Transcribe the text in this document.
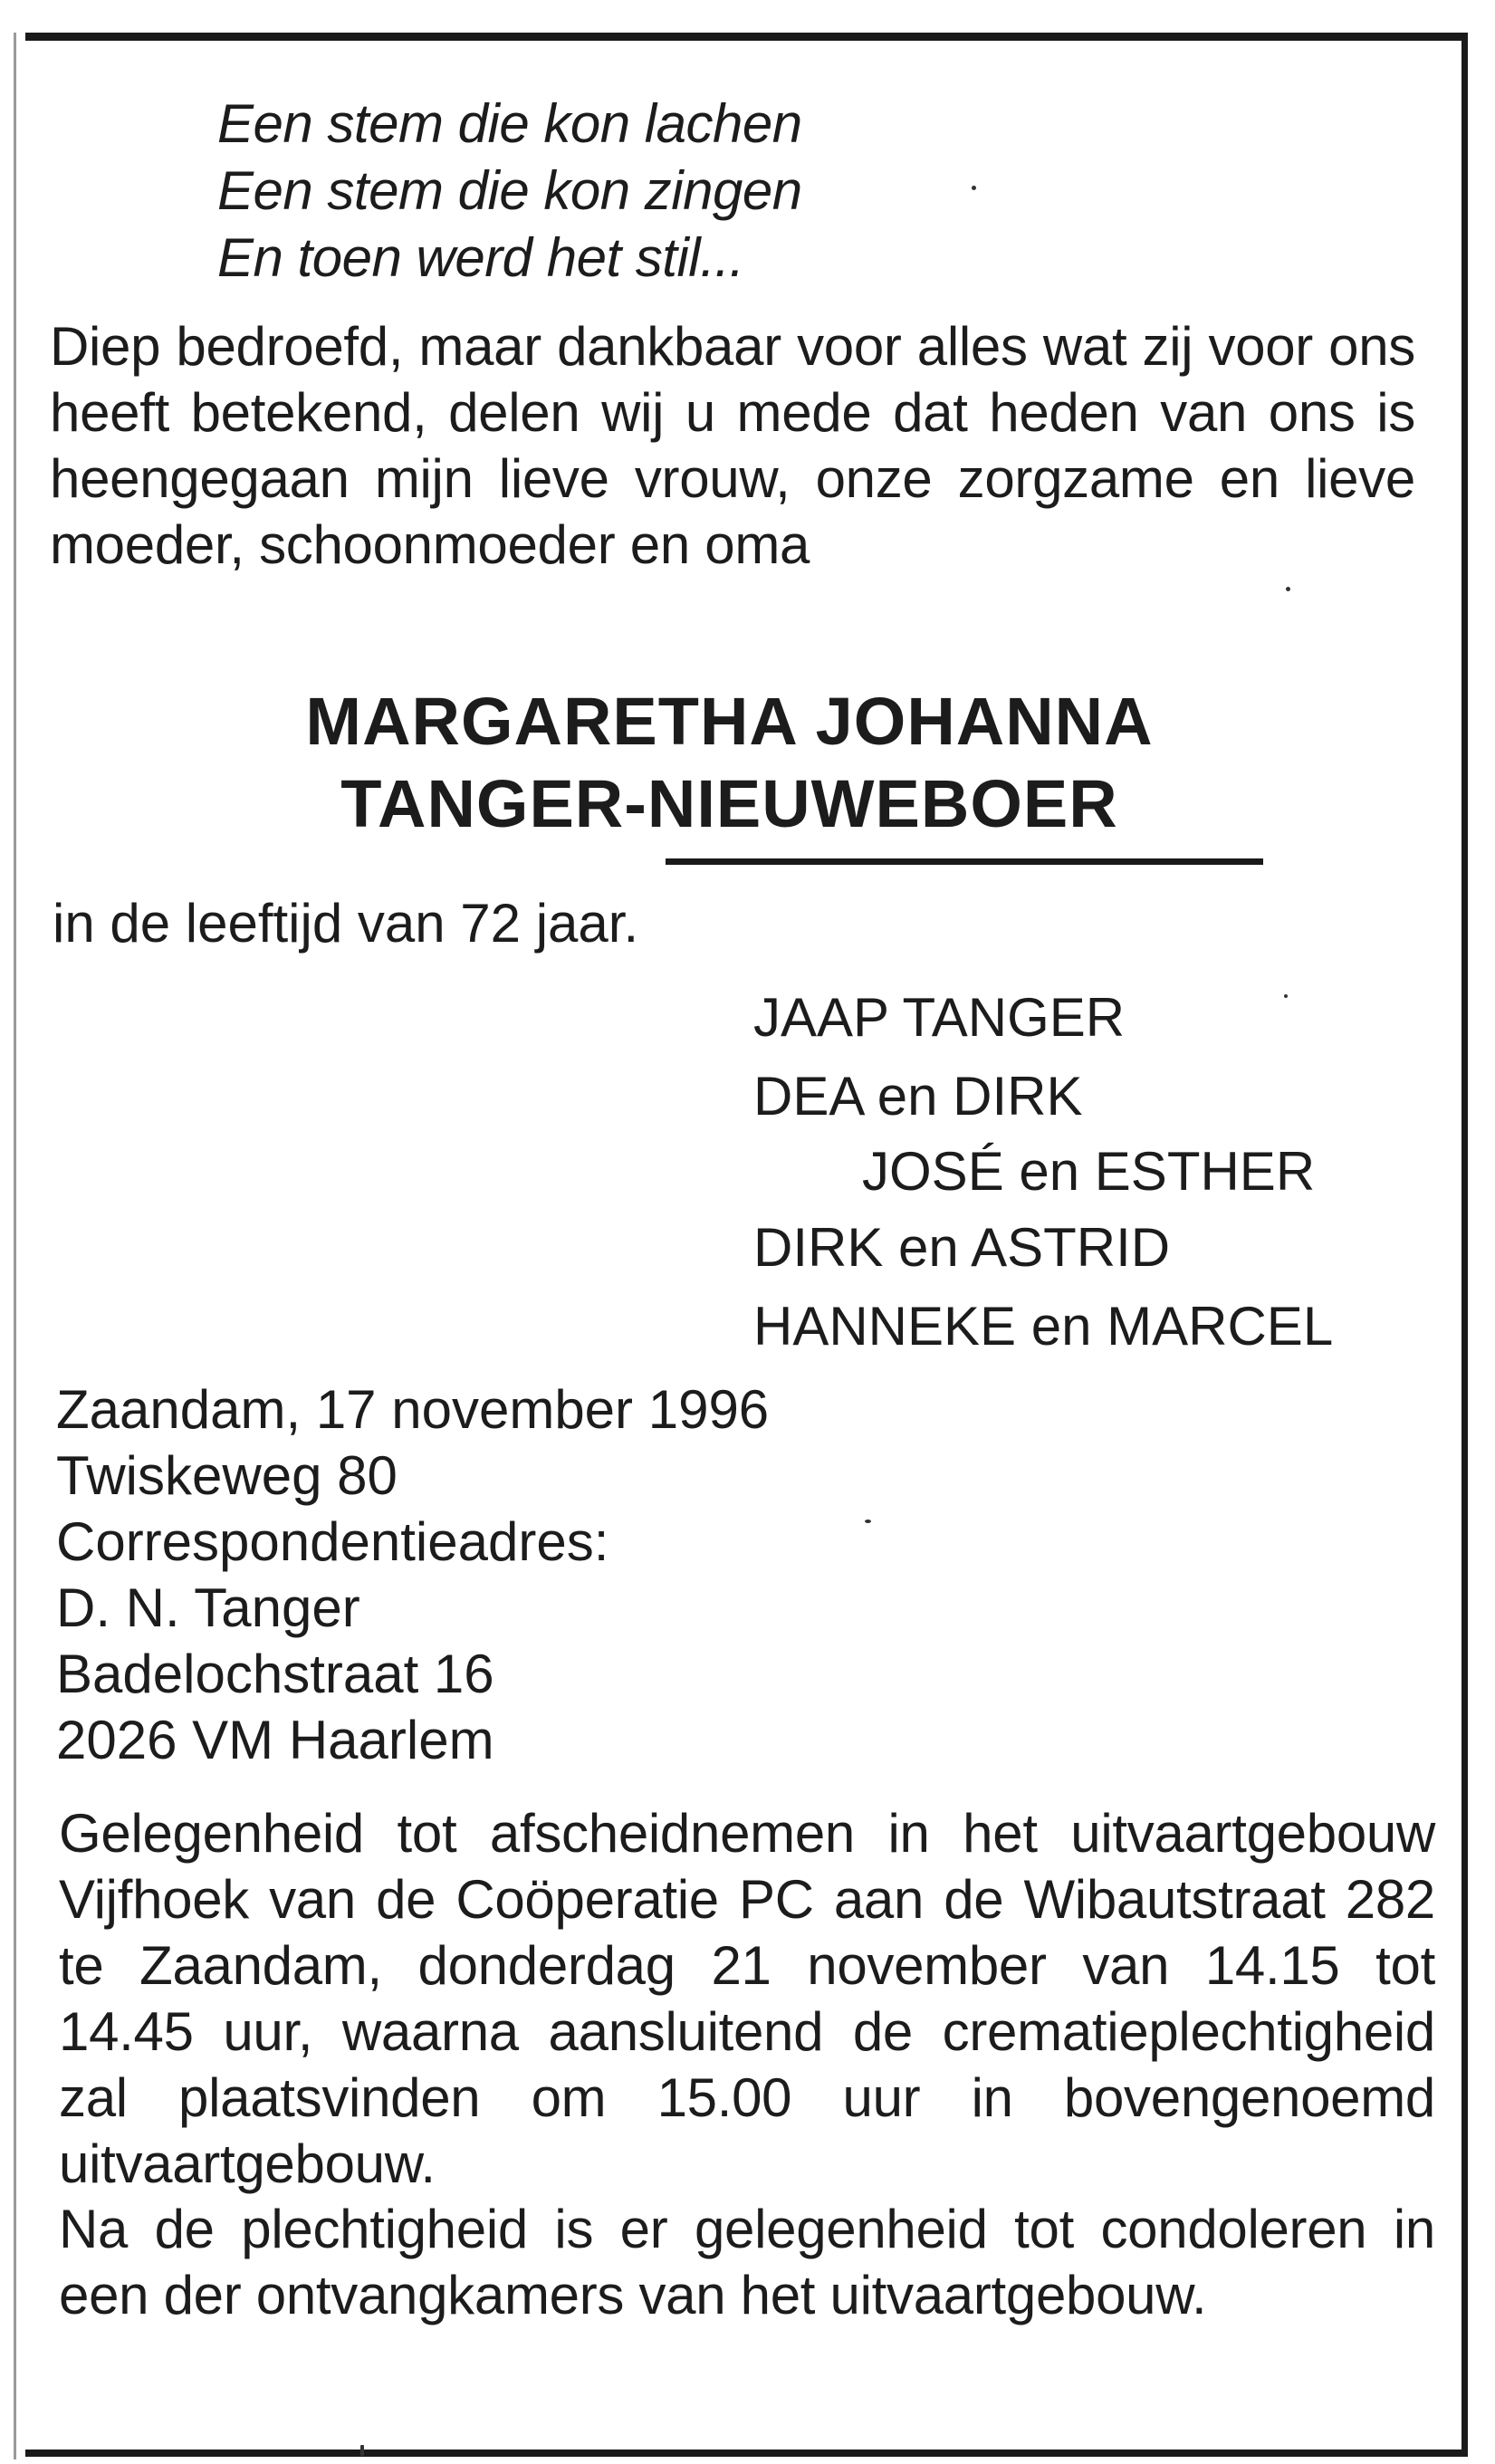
Een stem die kon lachen
Een stem die kon zingen
En toen werd het stil...
Diep bedroefd, maar dankbaar voor alles wat zij voor ons heeft betekend, delen wij u mede dat heden van ons is heengegaan mijn lieve vrouw, onze zorgzame en lieve moeder, schoonmoeder en oma
MARGARETHA JOHANNA
TANGER-NIEUWEBOER
in de leeftijd van 72 jaar.
JAAP TANGER
DEA en DIRK
JOSÉ en ESTHER
DIRK en ASTRID
HANNEKE en MARCEL
Zaandam, 17 november 1996
Twiskeweg 80
Correspondentieadres:
D. N. Tanger
Badelochstraat 16
2026 VM Haarlem
Gelegenheid tot afscheidnemen in het uitvaartgebouw Vijfhoek van de Coöperatie PC aan de Wibautstraat 282 te Zaandam, donderdag 21 november van 14.15 tot 14.45 uur, waarna aansluitend de crematieplechtigheid zal plaatsvinden om 15.00 uur in bovengenoemd uitvaartgebouw.
Na de plechtigheid is er gelegenheid tot condoleren in een der ontvangkamers van het uitvaartgebouw.
